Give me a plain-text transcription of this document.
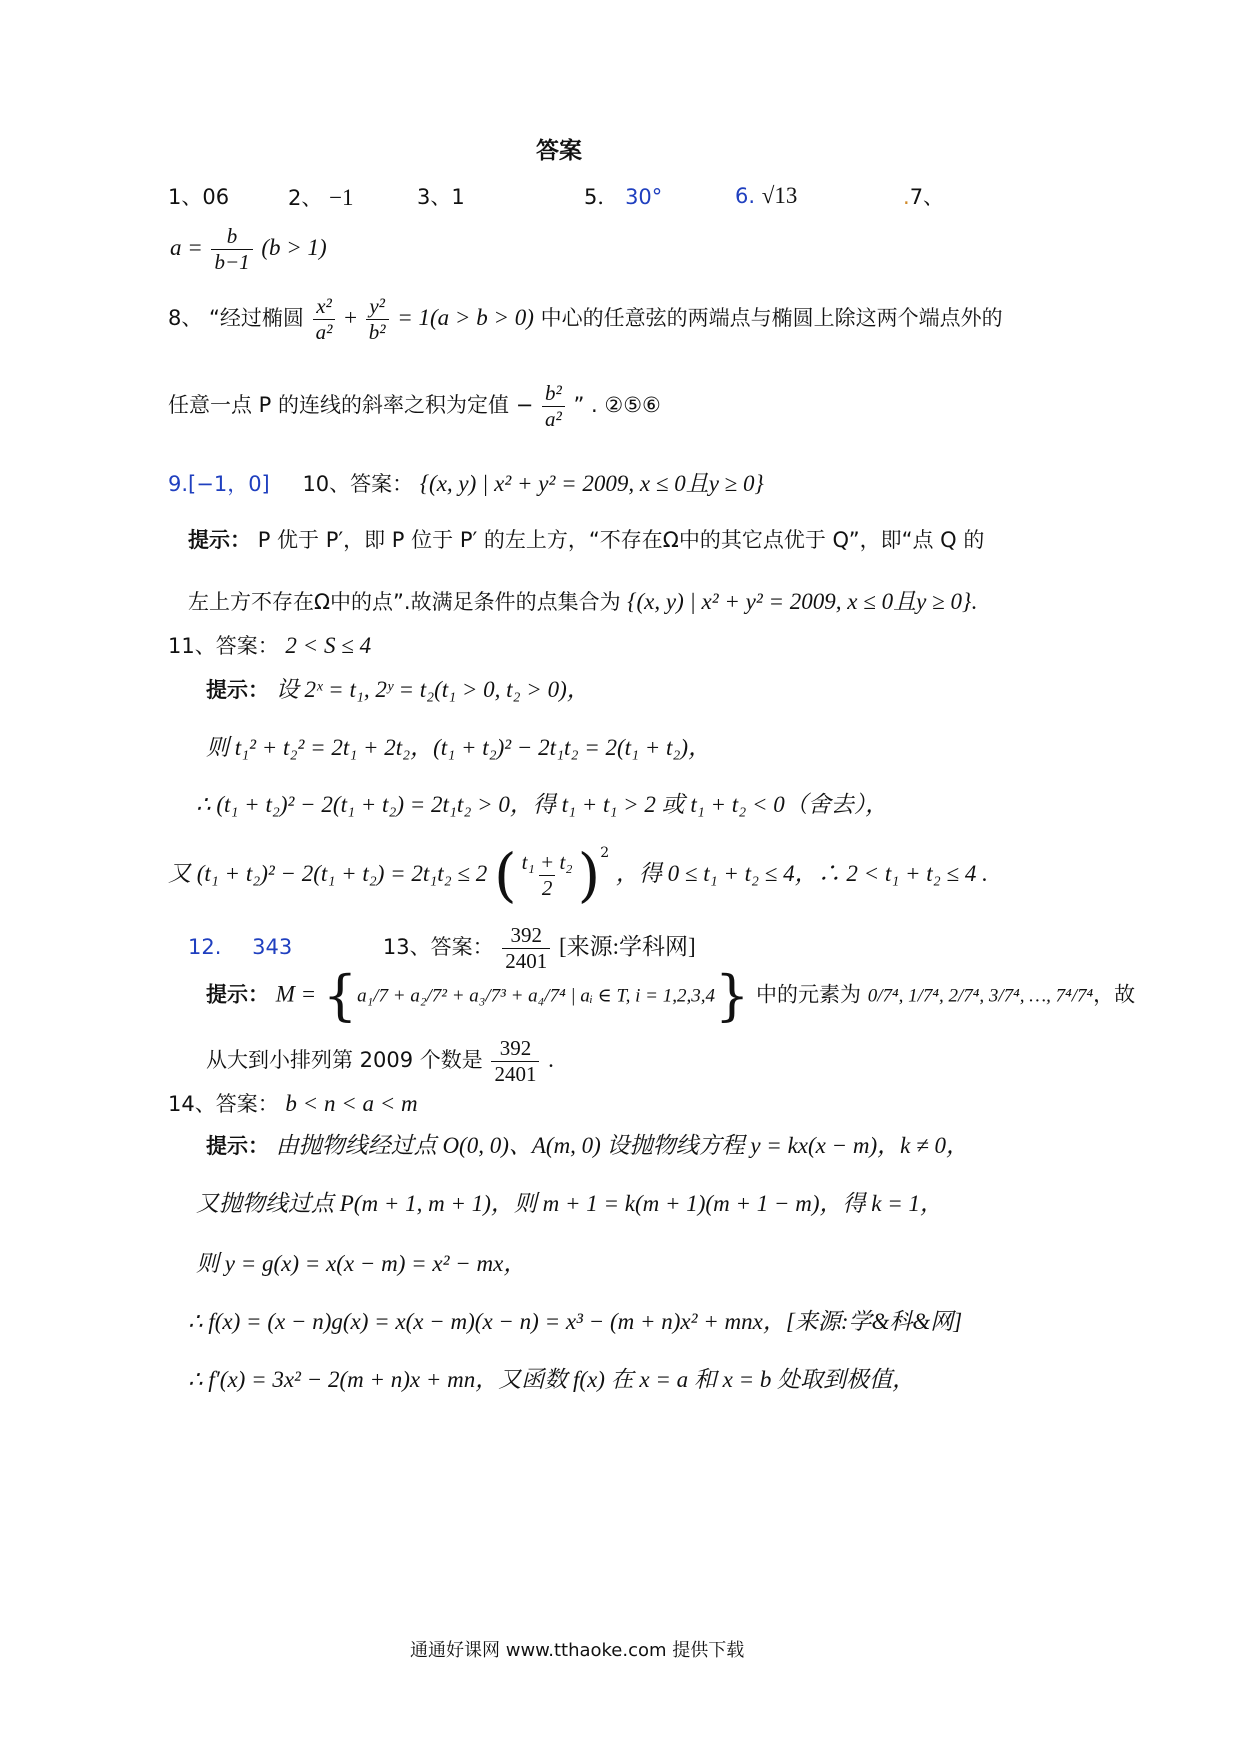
答案
1、06	2、 −1	3、1	5． 30°	6. √13	.7、
$a = \frac{b}{b-1} (b > 1)$
8、 “经过椭圆 $\frac{\text{x²}}{\text{a²}} + \frac{\text{y²}}{\text{b²}} = 1(a > b > 0)$ 中心的任意弦的两端点与椭圆上除这两个端点外的
任意一点 P 的连线的斜率之积为定值 − $\frac{\text{b²}}{\text{a²}}$ ” . ②⑤⑥
9.[−1，0] 10、答案： {(x, y) | x² + y² = 2009, x ≤ 0且y ≥ 0}
提示： P 优于 P′，即 P 位于 P′ 的左上方，“不存在Ω中的其它点优于 Q”，即“点 Q 的
左上方不存在Ω中的点”.故满足条件的点集合为 {(x, y) | x² + y² = 2009, x ≤ 0且y ≥ 0}.
11、答案： 2 < S ≤ 4
提示： 设 2ˣ = t₁, 2ʸ = t₂(t₁ > 0, t₂ > 0)，
则 t₁² + t₂² = 2t₁ + 2t₂，(t₁ + t₂)² − 2t₁t₂ = 2(t₁ + t₂)，
∴ (t₁ + t₂)² − 2(t₁ + t₂) = 2t₁t₂ > 0，得 t₁ + t₁ > 2 或 t₁ + t₂ < 0（舍去），
又 (t₁ + t₂)² − 2(t₁ + t₂) = 2t₁t₂ ≤ 2 ( $\frac{\text{t₁ + t₂}}{2} )^2$ ，得 0 ≤ t₁ + t₂ ≤ 4，∴ 2 < t₁ + t₂ ≤ 4 .
12. 343	13、答案： $\frac{392}{2401}$ [来源:学科网]
提示： M = {a₁/7 + a₂/7² + a₃/7³ + a₄/7⁴ | aᵢ ∈ T, i = 1,2,3,4} 中的元素为 0/7⁴, 1/7⁴, 2/7⁴, 3/7⁴, …, 7⁴/7⁴，故
从大到小排列第 2009 个数是 $\frac{392}{2401}$ .
14、答案： b < n < a < m
提示： 由抛物线经过点 O(0, 0)、A(m, 0) 设抛物线方程 y = kx(x − m)，k ≠ 0，
又抛物线过点 P(m + 1, m + 1)，则 m + 1 = k(m + 1)(m + 1 − m)，得 k = 1，
则 y = g(x) = x(x − m) = x² − mx，
∴ f(x) = (x − n)g(x) = x(x − m)(x − n) = x³ − (m + n)x² + mnx，[来源:学&科&网]
∴ f′(x) = 3x² − 2(m + n)x + mn，又函数 f(x) 在 x = a 和 x = b 处取到极值，
通通好课网 www.tthaoke.com 提供下载
